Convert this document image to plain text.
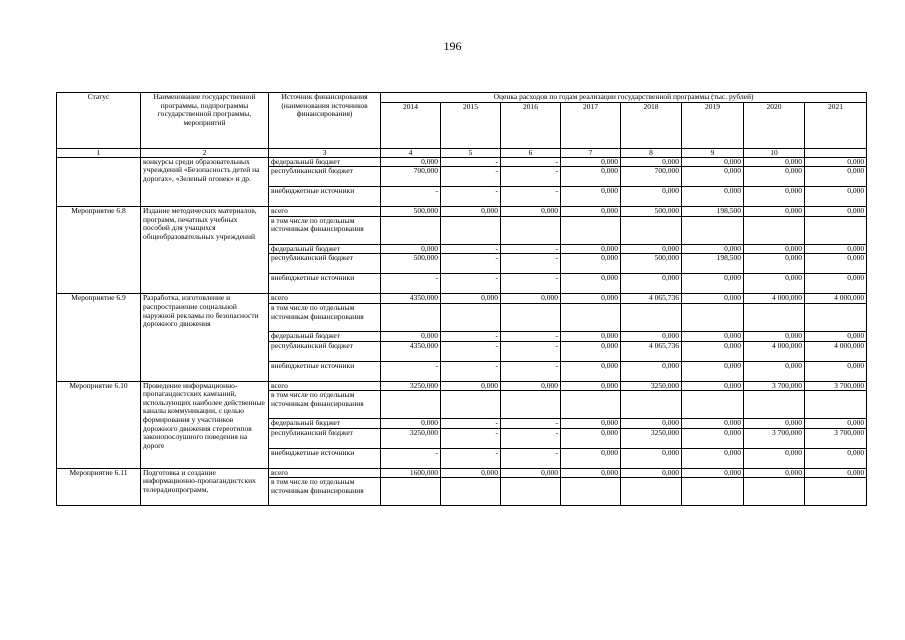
196
Статус	Наименование государственной программы, подпрограммы государственной программы, мероприятий	Источник финансирования (наименования источников финансирования)	Оценка расходов по годам реализации государственной программы (тыс. рублей)							
			2014	2015	2016	2017	2018	2019	2020	2021
1	2	3	4	5	6	7	8	9	10	
	конкурсы среди образовательных учреждений «Безопасность детей на дорогах», «Зеленый огонек» и др.	федеральный бюджет	0,000	-	-	0,000	0,000	0,000	0,000	0,000
		республиканский бюджет	700,000	-	-	0,000	700,000	0,000	0,000	0,000
		внебюджетные источники	-	-	-	0,000	0,000	0,000	0,000	0,000
Мероприятие 6.8	Издание методических материалов, программ, печатных учебных пособий для учащихся общеобразовательных учреждений	всего	500,000	0,000	0,000	0,000	500,000	198,500	0,000	0,000
		в том числе по отдельным источникам финансирования								
		федеральный бюджет	0,000	-	-	0,000	0,000	0,000	0,000	0,000
		республиканский бюджет	500,000	-	-	0,000	500,000	198,500	0,000	0,000
		внебюджетные источники	-	-	-	0,000	0,000	0,000	0,000	0,000
Мероприятие 6.9	Разработка, изготовление и распространение социальной наружной рекламы по безопасности дорожного движения	всего	4350,000	0,000	0,000	0,000	4 065,736	0,000	4 000,000	4 000,000
		в том числе по отдельным источникам финансирования								
		федеральный бюджет	0,000	-	-	0,000	0,000	0,000	0,000	0,000
		республиканский бюджет	4350,000	-	-	0,000	4 065,736	0,000	4 000,000	4 000,000
		внебюджетные источники	-	-	-	0,000	0,000	0,000	0,000	0,000
Мероприятие 6.10	Проведение информационно-пропагандистских кампаний, использующих наиболее действенные каналы коммуникации, с целью формирования у участников дорожного движения стереотипов законопослушного поведения на дороге	всего	3250,000	0,000	0,000	0,000	3250,000	0,000	3 700,000	3 700,000
		в том числе по отдельным источникам финансирования								
		федеральный бюджет	0,000	-	-	0,000	0,000	0,000	0,000	0,000
		республиканский бюджет	3250,000	-	-	0,000	3250,000	0,000	3 700,000	3 700,000
		внебюджетные источники	-	-	-	0,000	0,000	0,000	0,000	0,000
Мероприятие 6.11	Подготовка и создание информационно-пропагандистских телерадиопрограмм,	всего	1600,000	0,000	0,000	0,000	0,000	0,000	0,000	0,000
		в том числе по отдельным источникам финансирования								
